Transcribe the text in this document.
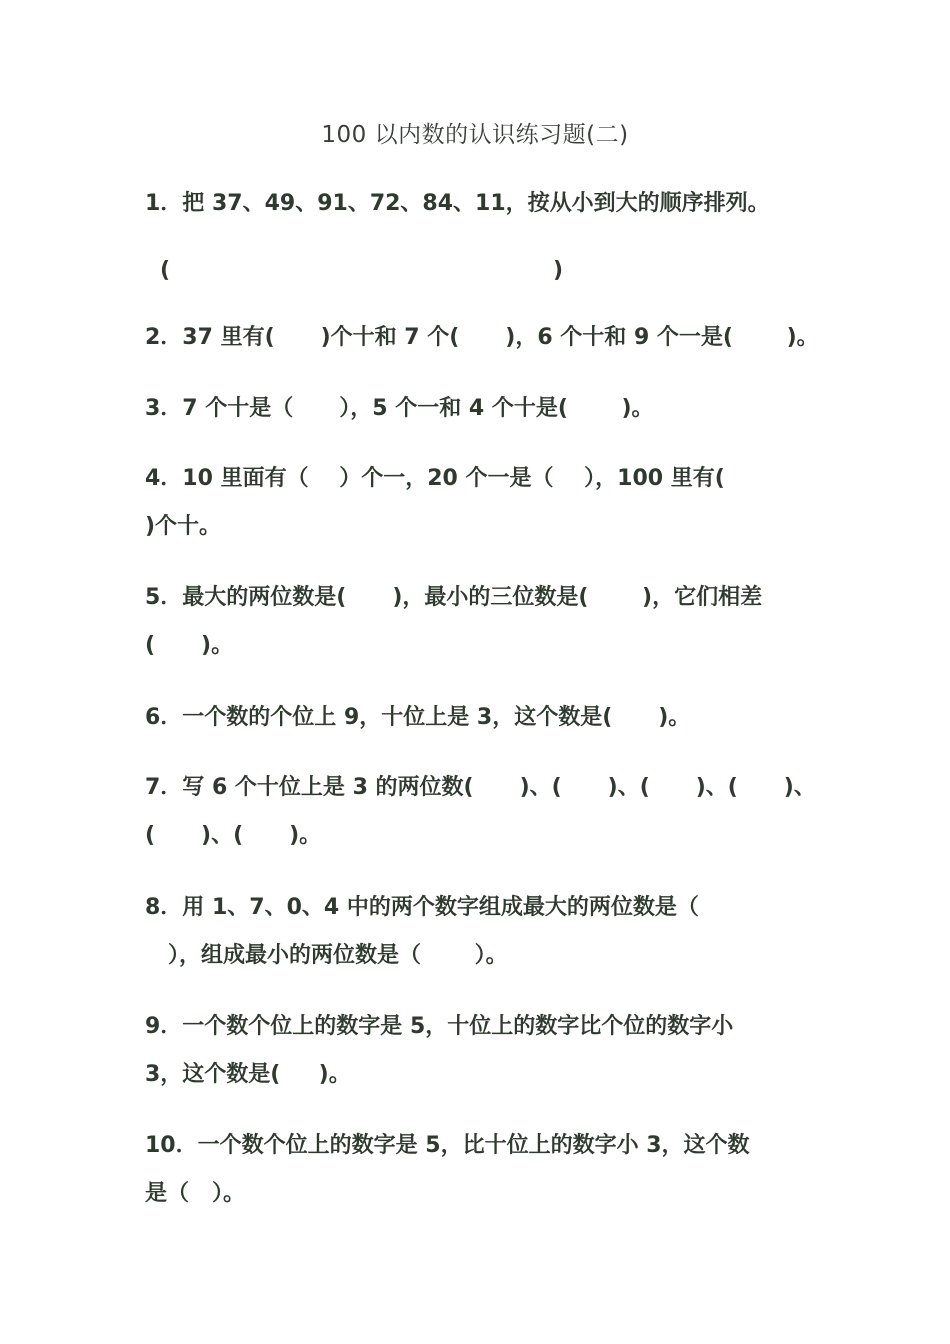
100 以内数的认识练习题(二)
1．把 37、49、91、72、84、11，按从小到大的顺序排列。
(                                                  )
2．37 里有(      )个十和 7 个(      )，6 个十和 9 个一是(       )。
3．7 个十是（      ），5 个一和 4 个十是(       )。
4．10 里面有（    ）个一，20 个一是（    ），100 里有(
)个十。
5．最大的两位数是(      )，最小的三位数是(       )，它们相差
(      )。
6．一个数的个位上 9，十位上是 3，这个数是(      )。
7．写 6 个十位上是 3 的两位数(      )、(      )、(      )、(      )、
(      )、(      )。
8．用 1、7、0、4 中的两个数字组成最大的两位数是（
），组成最小的两位数是（       ）。
9．一个数个位上的数字是 5，十位上的数字比个位的数字小
3，这个数是(     )。
10．一个数个位上的数字是 5，比十位上的数字小 3，这个数
是（   ）。
